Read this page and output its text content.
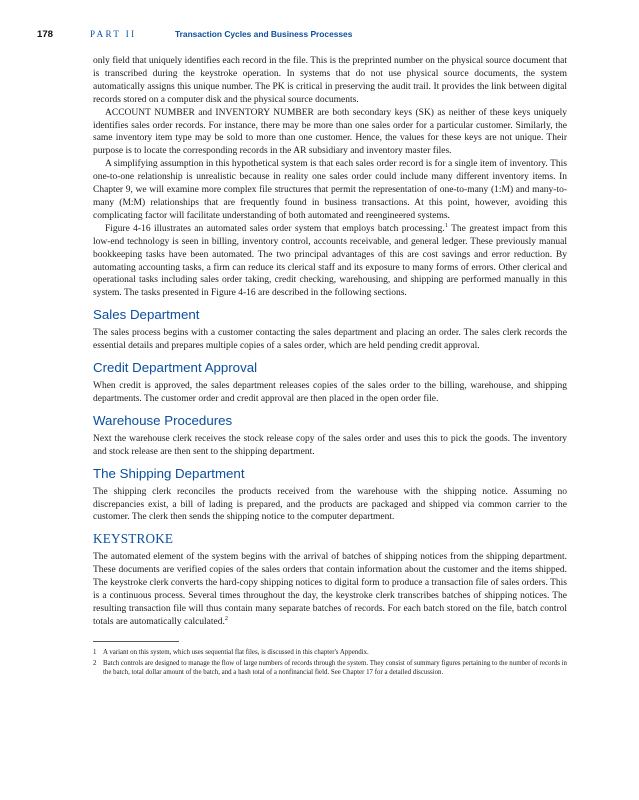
178	PART II	Transaction Cycles and Business Processes

only field that uniquely identifies each record in the file. This is the preprinted number on the physical source document that is transcribed during the keystroke operation. In systems that do not use physical source documents, the system automatically assigns this unique number. The PK is critical in preserving the audit trail. It provides the link between digital records stored on a computer disk and the physical source documents.

ACCOUNT NUMBER and INVENTORY NUMBER are both secondary keys (SK) as neither of these keys uniquely identifies sales order records. For instance, there may be more than one sales order for a particular customer. Similarly, the same inventory item type may be sold to more than one customer. Hence, the values for these keys are not unique. Their purpose is to locate the corresponding records in the AR subsidiary and inventory master files.

A simplifying assumption in this hypothetical system is that each sales order record is for a single item of inventory. This one-to-one relationship is unrealistic because in reality one sales order could include many different inventory items. In Chapter 9, we will examine more complex file structures that permit the representation of one-to-many (1:M) and many-to-many (M:M) relationships that are frequently found in business transactions. At this point, however, avoiding this complicating factor will facilitate understanding of both automated and reengineered systems.

Figure 4-16 illustrates an automated sales order system that employs batch processing.$^1$ The greatest impact from this low-end technology is seen in billing, inventory control, accounts receivable, and general ledger. These previously manual bookkeeping tasks have been automated. The two principal advantages of this are cost savings and error reduction. By automating accounting tasks, a firm can reduce its clerical staff and its exposure to many forms of errors. Other clerical and operational tasks including sales order taking, credit checking, warehousing, and shipping are performed manually in this system. The tasks presented in Figure 4-16 are described in the following sections.

Sales Department

The sales process begins with a customer contacting the sales department and placing an order. The sales clerk records the essential details and prepares multiple copies of a sales order, which are held pending credit approval.

Credit Department Approval

When credit is approved, the sales department releases copies of the sales order to the billing, warehouse, and shipping departments. The customer order and credit approval are then placed in the open order file.

Warehouse Procedures

Next the warehouse clerk receives the stock release copy of the sales order and uses this to pick the goods. The inventory and stock release are then sent to the shipping department.

The Shipping Department

The shipping clerk reconciles the products received from the warehouse with the shipping notice. Assuming no discrepancies exist, a bill of lading is prepared, and the products are packaged and shipped via common carrier to the customer. The clerk then sends the shipping notice to the computer department.

KEYSTROKE

The automated element of the system begins with the arrival of batches of shipping notices from the shipping department. These documents are verified copies of the sales orders that contain information about the customer and the items shipped. The keystroke clerk converts the hard-copy shipping notices to digital form to produce a transaction file of sales orders. This is a continuous process. Several times throughout the day, the keystroke clerk transcribes batches of shipping notices. The resulting transaction file will thus contain many separate batches of records. For each batch stored on the file, batch control totals are automatically calculated.$^2$

1 A variant on this system, which uses sequential flat files, is discussed in this chapter's Appendix.
2 Batch controls are designed to manage the flow of large numbers of records through the system. They consist of summary figures pertaining to the number of records in the batch, total dollar amount of the batch, and a hash total of a nonfinancial field. See Chapter 17 for a detailed discussion.
